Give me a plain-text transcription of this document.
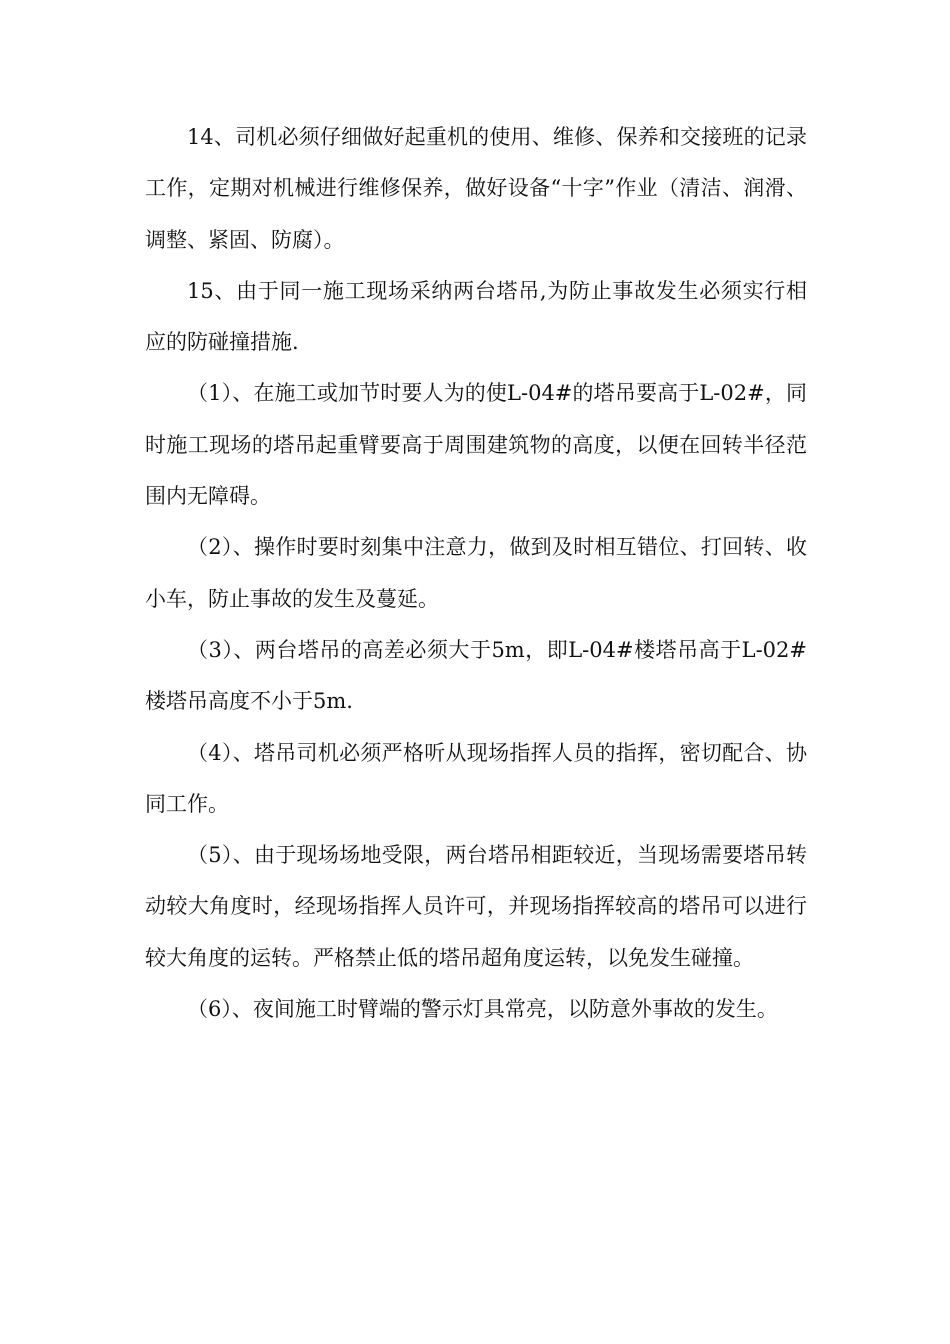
14、司机必须仔细做好起重机的使用、维修、保养和交接班的记录工作，定期对机械进行维修保养，做好设备“十字”作业（清洁、润滑、调整、紧固、防腐）。

15、由于同一施工现场采纳两台塔吊,为防止事故发生必须实行相应的防碰撞措施.

（1）、在施工或加节时要人为的使L-04#的塔吊要高于L-02#，同时施工现场的塔吊起重臂要高于周围建筑物的高度，以便在回转半径范围内无障碍。

（2）、操作时要时刻集中注意力，做到及时相互错位、打回转、收小车，防止事故的发生及蔓延。

（3）、两台塔吊的高差必须大于5m，即L-04#楼塔吊高于L-02#楼塔吊高度不小于5m.

（4）、塔吊司机必须严格听从现场指挥人员的指挥，密切配合、协同工作。

（5）、由于现场场地受限，两台塔吊相距较近，当现场需要塔吊转动较大角度时，经现场指挥人员许可，并现场指挥较高的塔吊可以进行较大角度的运转。严格禁止低的塔吊超角度运转，以免发生碰撞。

（6）、夜间施工时臂端的警示灯具常亮，以防意外事故的发生。
